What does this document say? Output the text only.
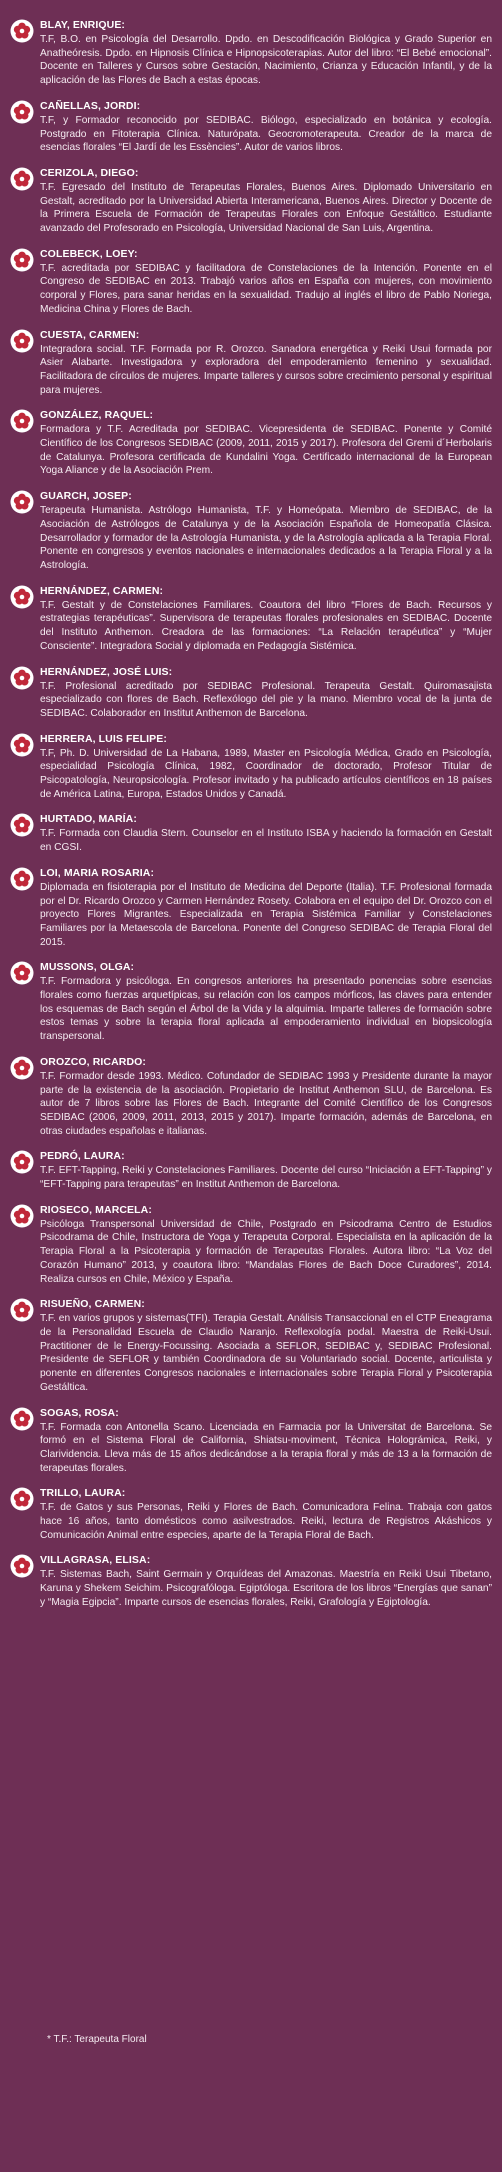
BLAY, ENRIQUE:
T.F, B.O. en Psicología del Desarrollo. Dpdo. en Descodificación Biológica y Grado Superior en Anatheóresis. Dpdo. en Hipnosis Clínica e Hipnopsicoterapias. Autor del libro: “El Bebé emocional”. Docente en Talleres y Cursos sobre Gestación, Nacimiento, Crianza y Educación Infantil, y de la aplicación de las Flores de Bach a estas épocas.
CAÑELLAS, JORDI:
T.F, y Formador reconocido por SEDIBAC. Biólogo, especializado en botánica y ecología. Postgrado en Fitoterapia Clínica. Naturópata. Geocromoterapeuta. Creador de la marca de esencias florales “El Jardí de les Essències”. Autor de varios libros.
CERIZOLA, DIEGO:
T.F. Egresado del Instituto de Terapeutas Florales, Buenos Aires. Diplomado Universitario en Gestalt, acreditado por la Universidad Abierta Interamericana, Buenos Aires. Director y Docente de la Primera Escuela de Formación de Terapeutas Florales con Enfoque Gestáltico. Estudiante avanzado del Profesorado en Psicología, Universidad Nacional de San Luis, Argentina.
COLEBECK, LOEY:
T.F. acreditada por SEDIBAC y facilitadora de Constelaciones de la Intención. Ponente en el Congreso de SEDIBAC en 2013. Trabajó varios años en España con mujeres, con movimiento corporal y Flores, para sanar heridas en la sexualidad. Tradujo al inglés el libro de Pablo Noriega, Medicina China y Flores de Bach.
CUESTA, CARMEN:
Integradora social. T.F. Formada por R. Orozco. Sanadora energética y Reiki Usui formada por Asier Alabarte. Investigadora y exploradora del empoderamiento femenino y sexualidad. Facilitadora de círculos de mujeres. Imparte talleres y cursos sobre crecimiento personal y espiritual para mujeres.
GONZÁLEZ, RAQUEL:
Formadora y T.F. Acreditada por SEDIBAC. Vicepresidenta de SEDIBAC. Ponente y Comité Científico de los Congresos SEDIBAC (2009, 2011, 2015 y 2017). Profesora del Gremi d´Herbolaris de Catalunya. Profesora certificada de Kundalini Yoga. Certificado internacional de la European Yoga Aliance y de la Asociación Prem.
GUARCH, JOSEP:
Terapeuta Humanista. Astrólogo Humanista, T.F. y Homeópata. Miembro de SEDIBAC, de la Asociación de Astrólogos de Catalunya y de la Asociación Española de Homeopatía Clásica. Desarrollador y formador de la Astrología Humanista, y de la Astrología aplicada a la Terapia Floral. Ponente en congresos y eventos nacionales e internacionales dedicados a la Terapia Floral y a la Astrología.
HERNÁNDEZ, CARMEN:
T.F. Gestalt y de Constelaciones Familiares. Coautora del libro “Flores de Bach. Recursos y estrategias terapéuticas”. Supervisora de terapeutas florales profesionales en SEDIBAC. Docente del Instituto Anthemon. Creadora de las formaciones: “La Relación terapéutica” y “Mujer Consciente”. Integradora Social y diplomada en Pedagogía Sistémica.
HERNÁNDEZ, JOSÉ LUIS:
T.F. Profesional acreditado por SEDIBAC Profesional. Terapeuta Gestalt. Quiromasajista especializado con flores de Bach. Reflexólogo del pie y la mano. Miembro vocal de la junta de SEDIBAC. Colaborador en Institut Anthemon de Barcelona.
HERRERA, LUIS FELIPE:
T.F, Ph. D. Universidad de La Habana, 1989, Master en Psicología Médica, Grado en Psicología, especialidad Psicología Clínica, 1982, Coordinador de doctorado, Profesor Titular de Psicopatología, Neuropsicología. Profesor invitado y ha publicado artículos científicos en 18 países de América Latina, Europa, Estados Unidos y Canadá.
HURTADO, MARÍA:
T.F. Formada con Claudia Stern. Counselor en el Instituto ISBA y haciendo la formación en Gestalt en CGSI.
LOI, MARIA ROSARIA:
Diplomada en fisioterapia por el Instituto de Medicina del Deporte (Italia). T.F. Profesional formada por el Dr. Ricardo Orozco y Carmen Hernández Rosety. Colabora en el equipo del Dr. Orozco con el proyecto Flores Migrantes. Especializada en Terapia Sistémica Familiar y Constelaciones Familiares por la Metaescola de Barcelona. Ponente del Congreso SEDIBAC de Terapia Floral del 2015.
MUSSONS, OLGA:
T.F. Formadora y psicóloga. En congresos anteriores ha presentado ponencias sobre esencias florales como fuerzas arquetípicas, su relación con los campos mórficos, las claves para entender los esquemas de Bach según el Árbol de la Vida y la alquimia. Imparte talleres de formación sobre estos temas y sobre la terapia floral aplicada al empoderamiento individual en biopsicología transpersonal.
OROZCO, RICARDO:
T.F. Formador desde 1993. Médico. Cofundador de SEDIBAC 1993 y Presidente durante la mayor parte de la existencia de la asociación. Propietario de Institut Anthemon SLU, de Barcelona. Es autor de 7 libros sobre las Flores de Bach. Integrante del Comité Científico de los Congresos SEDIBAC (2006, 2009, 2011, 2013, 2015 y 2017). Imparte formación, además de Barcelona, en otras ciudades españolas e italianas.
PEDRÓ, LAURA:
T.F. EFT-Tapping, Reiki y Constelaciones Familiares. Docente del curso “Iniciación a EFT-Tapping” y “EFT-Tapping para terapeutas” en Institut Anthemon de Barcelona.
RIOSECO, MARCELA:
Psicóloga Transpersonal Universidad de Chile, Postgrado en Psicodrama Centro de Estudios Psicodrama de Chile, Instructora de Yoga y Terapeuta Corporal. Especialista en la aplicación de la Terapia Floral a la Psicoterapia y formación de Terapeutas Florales. Autora libro: “La Voz del Corazón Humano” 2013, y coautora libro: “Mandalas Flores de Bach Doce Curadores”, 2014. Realiza cursos en Chile, México y España.
RISUEÑO, CARMEN:
T.F. en varios grupos y sistemas(TFI). Terapia Gestalt. Análisis Transaccional en el CTP Eneagrama de la Personalidad Escuela de Claudio Naranjo. Reflexología podal. Maestra de Reiki-Usui. Practitioner de le Energy-Focussing. Asociada a SEFLOR, SEDIBAC y, SEDIBAC Profesional. Presidente de SEFLOR y también Coordinadora de su Voluntariado social. Docente, articulista y ponente en diferentes Congresos nacionales e internacionales sobre Terapia Floral y Psicoterapia Gestáltica.
SOGAS, ROSA:
T.F. Formada con Antonella Scano. Licenciada en Farmacia por la Universitat de Barcelona. Se formó en el Sistema Floral de California, Shiatsu-moviment, Técnica Holográmica, Reiki, y Clarividencia. Lleva más de 15 años dedicándose a la terapia floral y más de 13 a la formación de terapeutas florales.
TRILLO, LAURA:
T.F. de Gatos y sus Personas, Reiki y Flores de Bach. Comunicadora Felina. Trabaja con gatos hace 16 años, tanto domésticos como asilvestrados. Reiki, lectura de Registros Akáshicos y Comunicación Animal entre especies, aparte de la Terapia Floral de Bach.
VILLAGRASA, ELISA:
T.F. Sistemas Bach, Saint Germain y Orquídeas del Amazonas. Maestría en Reiki Usui Tibetano, Karuna y Shekem Seichim. Psicografóloga. Egiptóloga. Escritora de los libros “Energías que sanan” y “Magia Egipcia”. Imparte cursos de esencias florales, Reiki, Grafología y Egiptología.
* T.F.: Terapeuta Floral
